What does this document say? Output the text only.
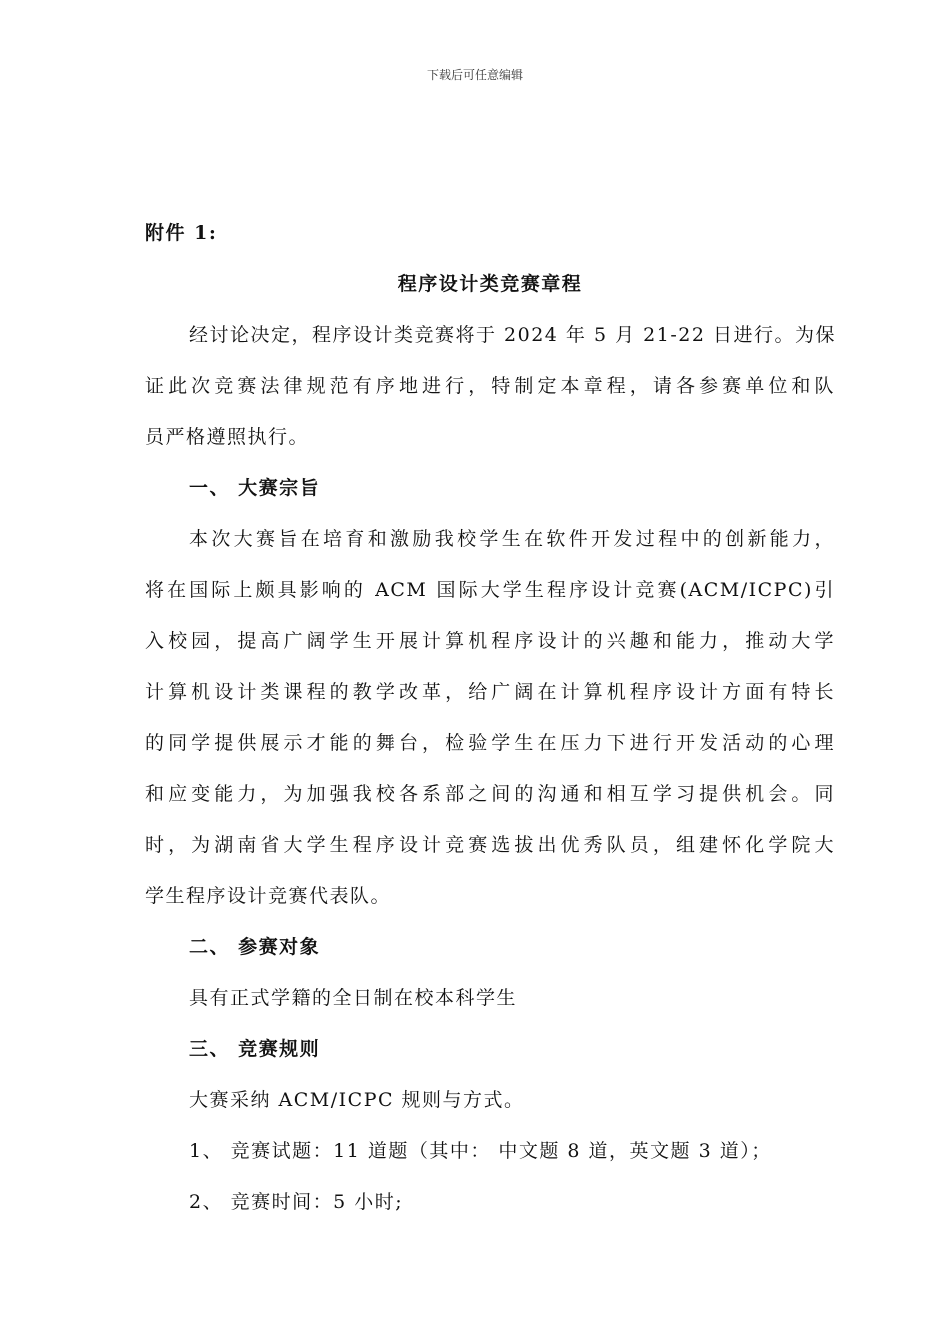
下载后可任意编辑
附件 1:
程序设计类竞赛章程
经讨论决定，程序设计类竞赛将于 2024 年 5 月 21-22 日进行。为保
证此次竞赛法律规范有序地进行，特制定本章程，请各参赛单位和队
员严格遵照执行。
一、 大赛宗旨
本次大赛旨在培育和激励我校学生在软件开发过程中的创新能力，
将在国际上颇具影响的 ACM 国际大学生程序设计竞赛(ACM/ICPC)引
入校园，提高广阔学生开展计算机程序设计的兴趣和能力，推动大学
计算机设计类课程的教学改革，给广阔在计算机程序设计方面有特长
的同学提供展示才能的舞台，检验学生在压力下进行开发活动的心理
和应变能力，为加强我校各系部之间的沟通和相互学习提供机会。同
时，为湖南省大学生程序设计竞赛选拔出优秀队员，组建怀化学院大
学生程序设计竞赛代表队。
二、 参赛对象
具有正式学籍的全日制在校本科学生
三、 竞赛规则
大赛采纳 ACM/ICPC 规则与方式。
1、 竞赛试题：11 道题（其中： 中文题 8 道，英文题 3 道）；
2、 竞赛时间：5 小时;
